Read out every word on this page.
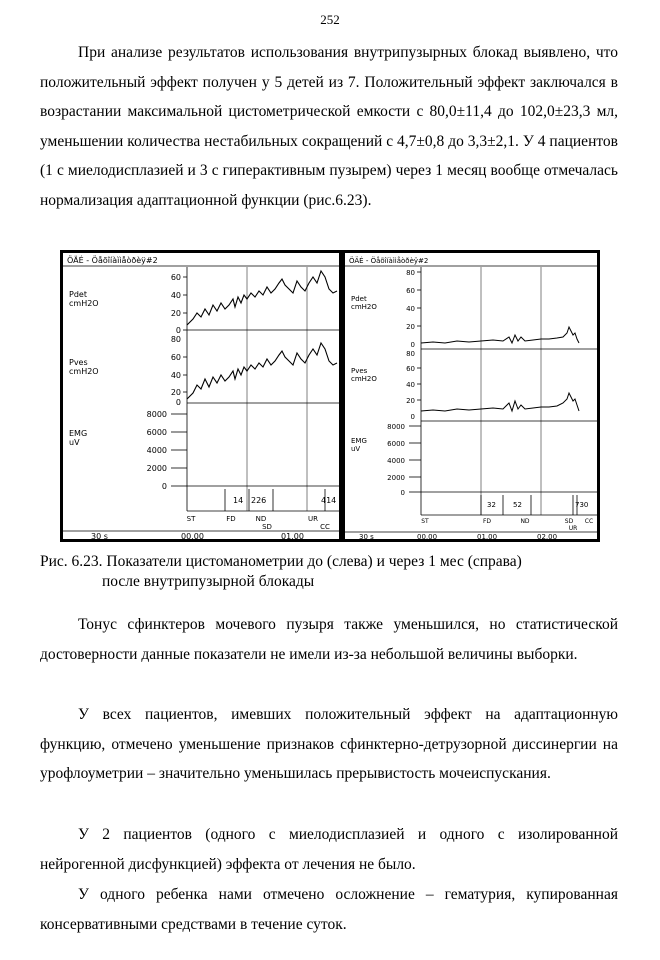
252

При анализе результатов использования внутрипузырных блокад выявлено, что положительный эффект получен у 5 детей из 7. Положительный эффект заключался в возрастании максимальной цистометрической емкости с 80,0±11,4 до 102,0±23,3 мл, уменьшении количества нестабильных сокращений с 4,7±0,8 до 3,3±2,1. У 4 пациентов (1 с миелодисплазией и 3 с гиперактивным пузырем) через 1 месяц вообще отмечалась нормализация адаптационной функции (рис.6.23).

ÖÄÉ - Öåõîíàììåòðèÿ#2
Pdet cmH2O
Pves cmH2O
EMG uV
60
40
20
0
80
60
40
20
0
8000
6000
4000
2000
0
14 226	414
ST	FD	ND
SD
UR
CC
30 s	00,00	01,00
ÖÄÉ - Öåõîíàììåòðèÿ#2
Pdet cmH2O
Pves cmH2O
EMG uV
80
60
40
20
0
80
60
40
20
0
8000
6000
4000
2000
0
32 52	730
ST	FD	ND	SD
UR
CC
30 s	00,00	01,00	02,00
Рис. 6.23. Показатели цистоманометрии до (слева) и через 1 мес (справа)
после внутрипузырной блокады

Тонус сфинктеров мочевого пузыря также уменьшился, но статистической достоверности данные показатели не имели из-за небольшой величины выборки.

У всех пациентов, имевших положительный эффект на адаптационную функцию, отмечено уменьшение признаков сфинктерно-детрузорной диссинергии на урофлоуметрии – значительно уменьшилась прерывистость мочеиспускания.

У 2 пациентов (одного с миелодисплазией и одного с изолированной нейрогенной дисфункцией) эффекта от лечения не было.

У одного ребенка нами отмечено осложнение – гематурия, купированная консервативными средствами в течение суток.
